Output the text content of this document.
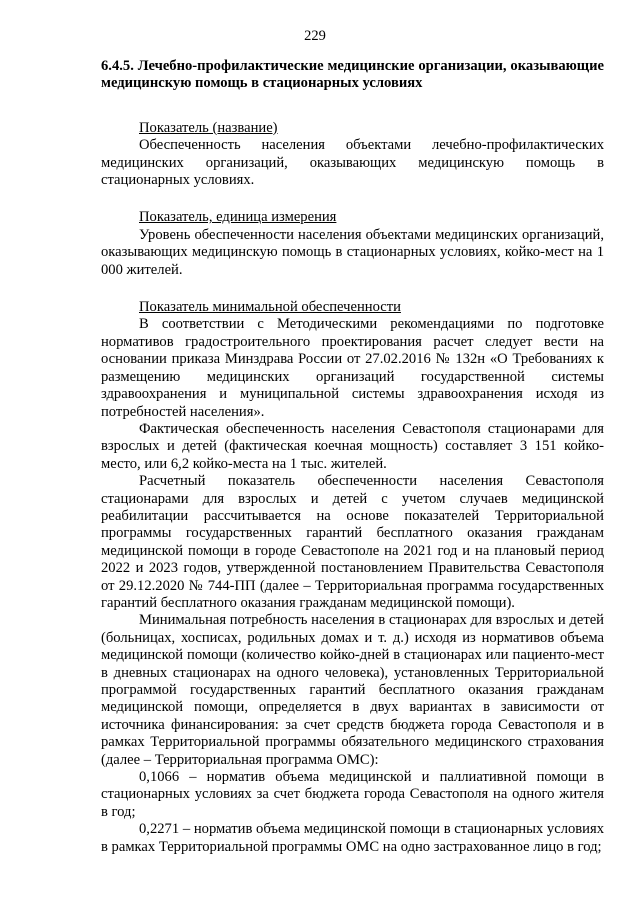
229

6.4.5. Лечебно-профилактические медицинские организации, оказывающие медицинскую помощь в стационарных условиях

Показатель (название)

Обеспеченность населения объектами лечебно-профилактических медицинских организаций, оказывающих медицинскую помощь в стационарных условиях.

Показатель, единица измерения

Уровень обеспеченности населения объектами медицинских организаций, оказывающих медицинскую помощь в стационарных условиях, койко-мест на 1 000 жителей.

Показатель минимальной обеспеченности

В соответствии с Методическими рекомендациями по подготовке нормативов градостроительного проектирования расчет следует вести на основании приказа Минздрава России от 27.02.2016 № 132н «О Требованиях к размещению медицинских организаций государственной системы здравоохранения и муниципальной системы здравоохранения исходя из потребностей населения».

Фактическая обеспеченность населения Севастополя стационарами для взрослых и детей (фактическая коечная мощность) составляет 3 151 койко-место, или 6,2 койко-места на 1 тыс. жителей.

Расчетный показатель обеспеченности населения Севастополя стационарами для взрослых и детей с учетом случаев медицинской реабилитации рассчитывается на основе показателей Территориальной программы государственных гарантий бесплатного оказания гражданам медицинской помощи в городе Севастополе на 2021 год и на плановый период 2022 и 2023 годов, утвержденной постановлением Правительства Севастополя от 29.12.2020 № 744-ПП (далее – Территориальная программа государственных гарантий бесплатного оказания гражданам медицинской помощи).

Минимальная потребность населения в стационарах для взрослых и детей (больницах, хосписах, родильных домах и т. д.) исходя из нормативов объема медицинской помощи (количество койко-дней в стационарах или пациенто-мест в дневных стационарах на одного человека), установленных Территориальной программой государственных гарантий бесплатного оказания гражданам медицинской помощи, определяется в двух вариантах в зависимости от источника финансирования: за счет средств бюджета города Севастополя и в рамках Территориальной программы обязательного медицинского страхования (далее – Территориальная программа ОМС):

0,1066 – норматив объема медицинской и паллиативной помощи в стационарных условиях за счет бюджета города Севастополя на одного жителя в год;

0,2271 – норматив объема медицинской помощи в стационарных условиях в рамках Территориальной программы ОМС на одно застрахованное лицо в год;
